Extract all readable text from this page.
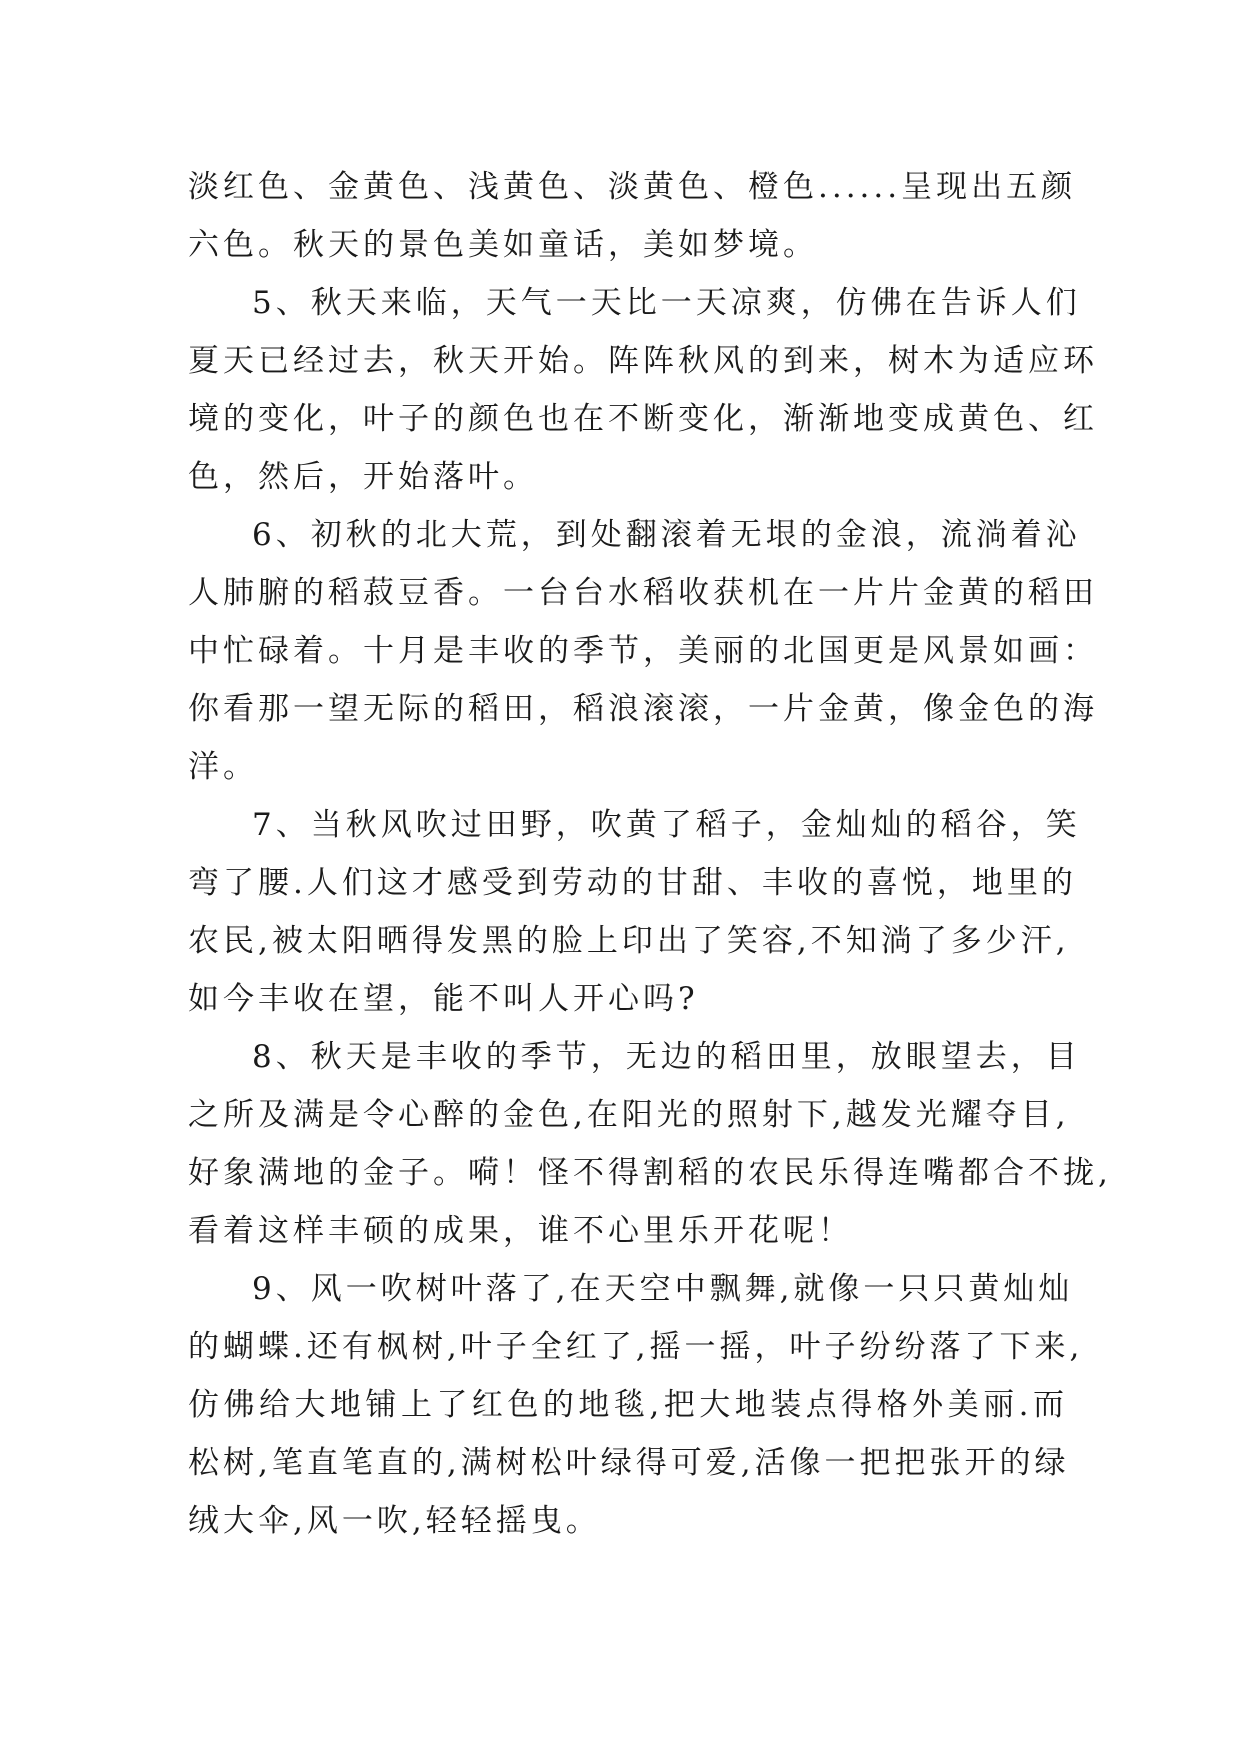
淡红色、金黄色、浅黄色、淡黄色、橙色......呈现出五颜
六色。秋天的景色美如童话，美如梦境。
5、秋天来临，天气一天比一天凉爽，仿佛在告诉人们
夏天已经过去，秋天开始。阵阵秋风的到来，树木为适应环
境的变化，叶子的颜色也在不断变化，渐渐地变成黄色、红
色，然后，开始落叶。
6、初秋的北大荒，到处翻滚着无垠的金浪，流淌着沁
人肺腑的稻菽豆香。一台台水稻收获机在一片片金黄的稻田
中忙碌着。十月是丰收的季节，美丽的北国更是风景如画：
你看那一望无际的稻田，稻浪滚滚，一片金黄，像金色的海
洋。
7、当秋风吹过田野，吹黄了稻子，金灿灿的稻谷，笑
弯了腰.人们这才感受到劳动的甘甜、丰收的喜悦，地里的
农民,被太阳晒得发黑的脸上印出了笑容,不知淌了多少汗,
如今丰收在望，能不叫人开心吗?
8、秋天是丰收的季节，无边的稻田里，放眼望去，目
之所及满是令心醉的金色,在阳光的照射下,越发光耀夺目,
好象满地的金子。嗬！怪不得割稻的农民乐得连嘴都合不拢,
看着这样丰硕的成果，谁不心里乐开花呢！
9、风一吹树叶落了,在天空中飘舞,就像一只只黄灿灿
的蝴蝶.还有枫树,叶子全红了,摇一摇，叶子纷纷落了下来,
仿佛给大地铺上了红色的地毯,把大地装点得格外美丽.而
松树,笔直笔直的,满树松叶绿得可爱,活像一把把张开的绿
绒大伞,风一吹,轻轻摇曳。
